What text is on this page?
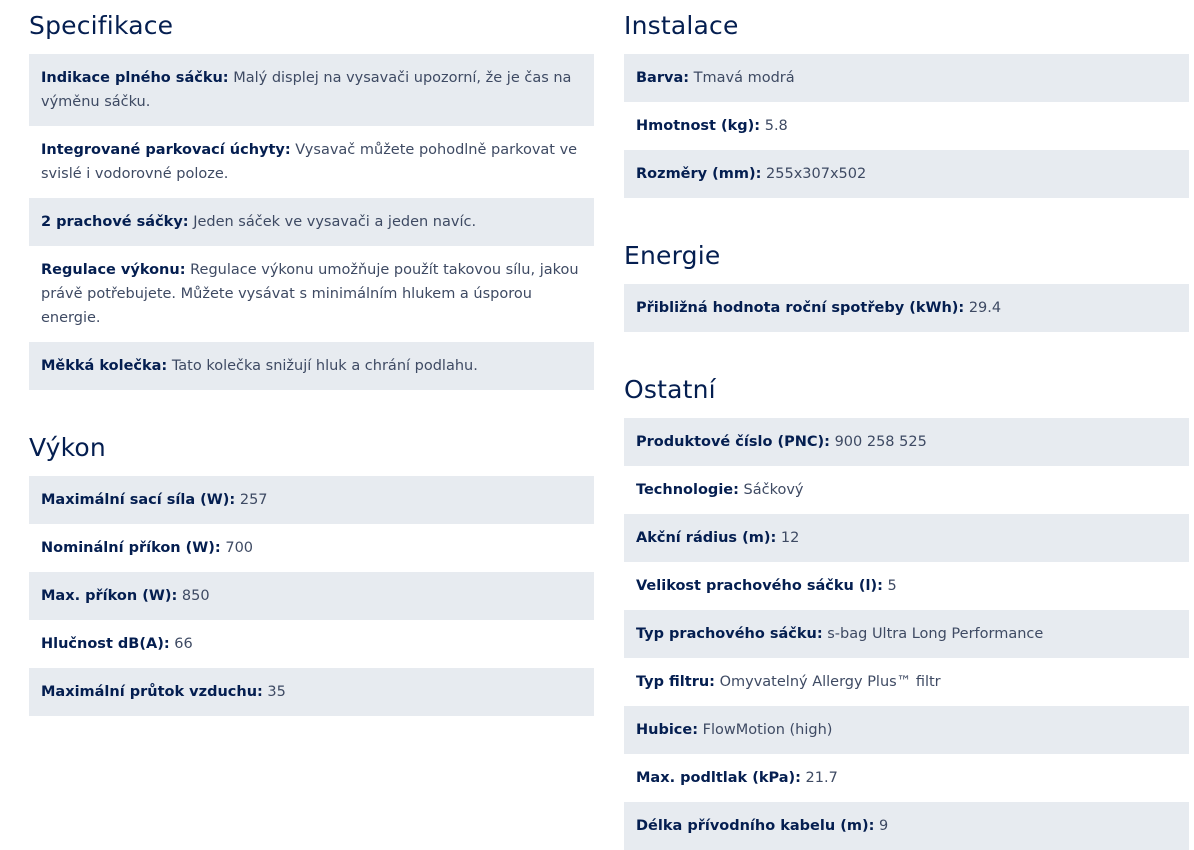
Specifikace
Indikace plného sáčku: Malý displej na vysavači upozorní, že je čas na výměnu sáčku.
Integrované parkovací úchyty: Vysavač můžete pohodlně parkovat ve svislé i vodorovné poloze.
2 prachové sáčky: Jeden sáček ve vysavači a jeden navíc.
Regulace výkonu: Regulace výkonu umožňuje použít takovou sílu, jakou právě potřebujete. Můžete vysávat s minimálním hlukem a úsporou energie.
Měkká kolečka: Tato kolečka snižují hluk a chrání podlahu.
Výkon
Maximální sací síla (W): 257
Nominální příkon (W): 700
Max. příkon (W): 850
Hlučnost dB(A): 66
Maximální průtok vzduchu: 35
Instalace
Barva: Tmavá modrá
Hmotnost (kg): 5.8
Rozměry (mm): 255x307x502
Energie
Přibližná hodnota roční spotřeby (kWh): 29.4
Ostatní
Produktové číslo (PNC): 900 258 525
Technologie: Sáčkový
Akční rádius (m): 12
Velikost prachového sáčku (l): 5
Typ prachového sáčku: s-bag Ultra Long Performance
Typ filtru: Omyvatelný Allergy Plus™ filtr
Hubice: FlowMotion (high)
Max. podltlak (kPa): 21.7
Délka přívodního kabelu (m): 9
